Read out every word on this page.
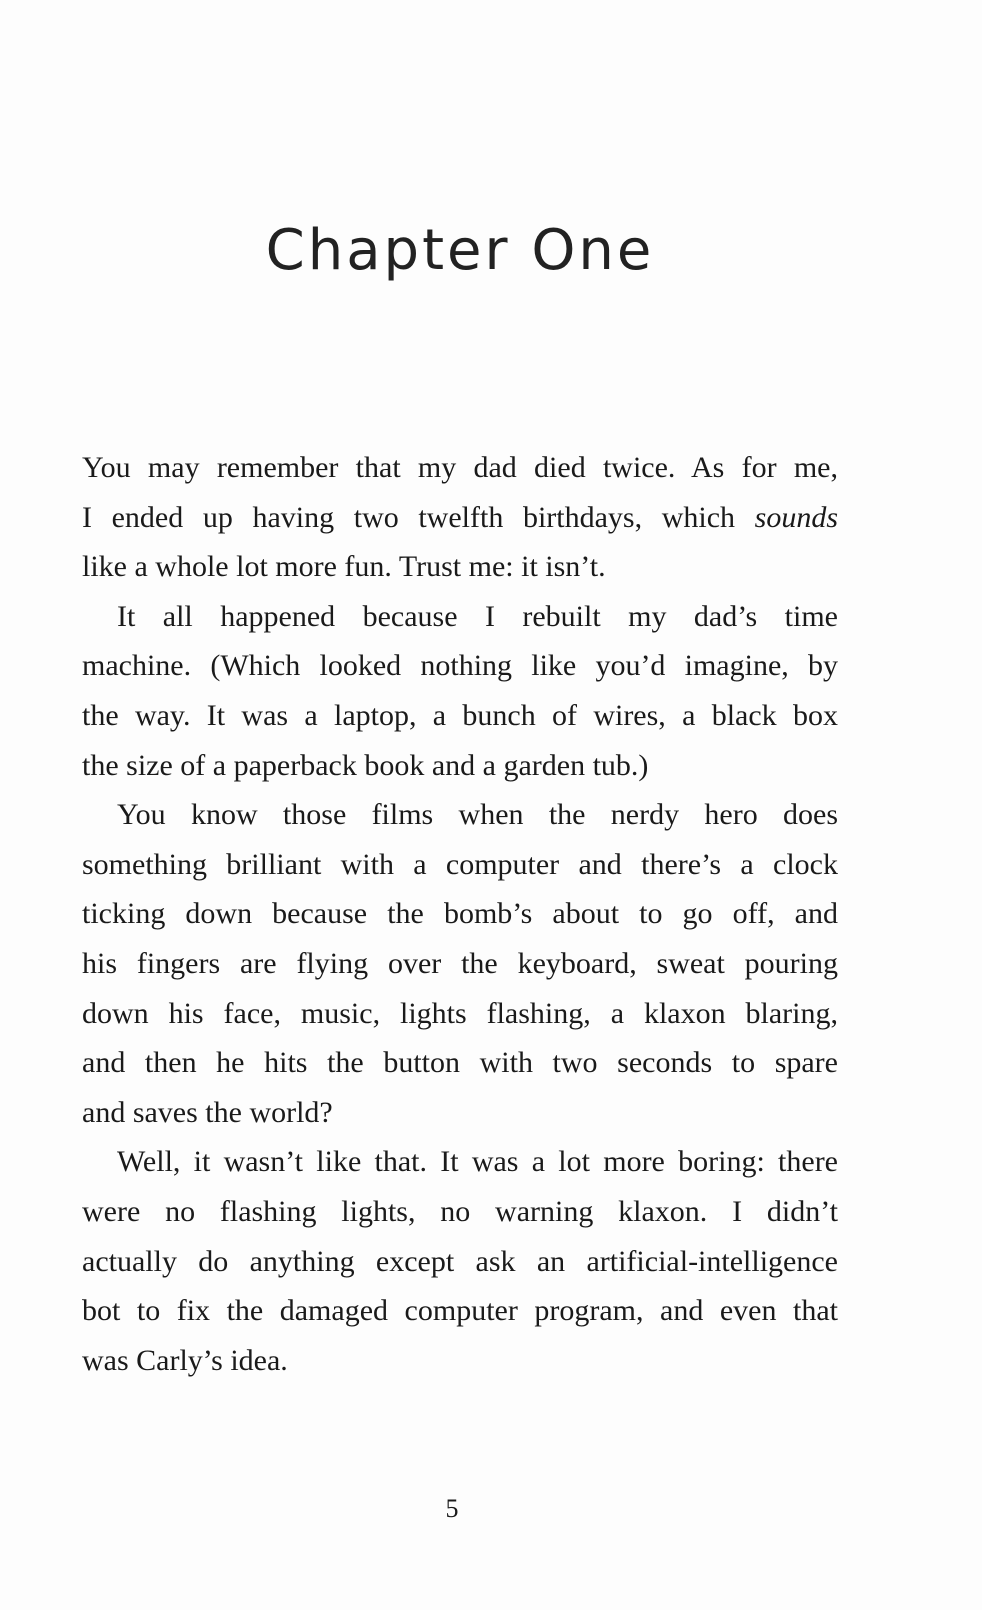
Chapter One
You may remember that my dad died twice. As for me,
I ended up having two twelfth birthdays, which sounds
like a whole lot more fun. Trust me: it isn’t.
It all happened because I rebuilt my dad’s time
machine. (Which looked nothing like you’d imagine, by
the way. It was a laptop, a bunch of wires, a black box
the size of a paperback book and a garden tub.)
You know those films when the nerdy hero does
something brilliant with a computer and there’s a clock
ticking down because the bomb’s about to go off, and
his fingers are flying over the keyboard, sweat pouring
down his face, music, lights flashing, a klaxon blaring,
and then he hits the button with two seconds to spare
and saves the world?
Well, it wasn’t like that. It was a lot more boring: there
were no flashing lights, no warning klaxon. I didn’t
actually do anything except ask an artificial-intelligence
bot to fix the damaged computer program, and even that
was Carly’s idea.
5
